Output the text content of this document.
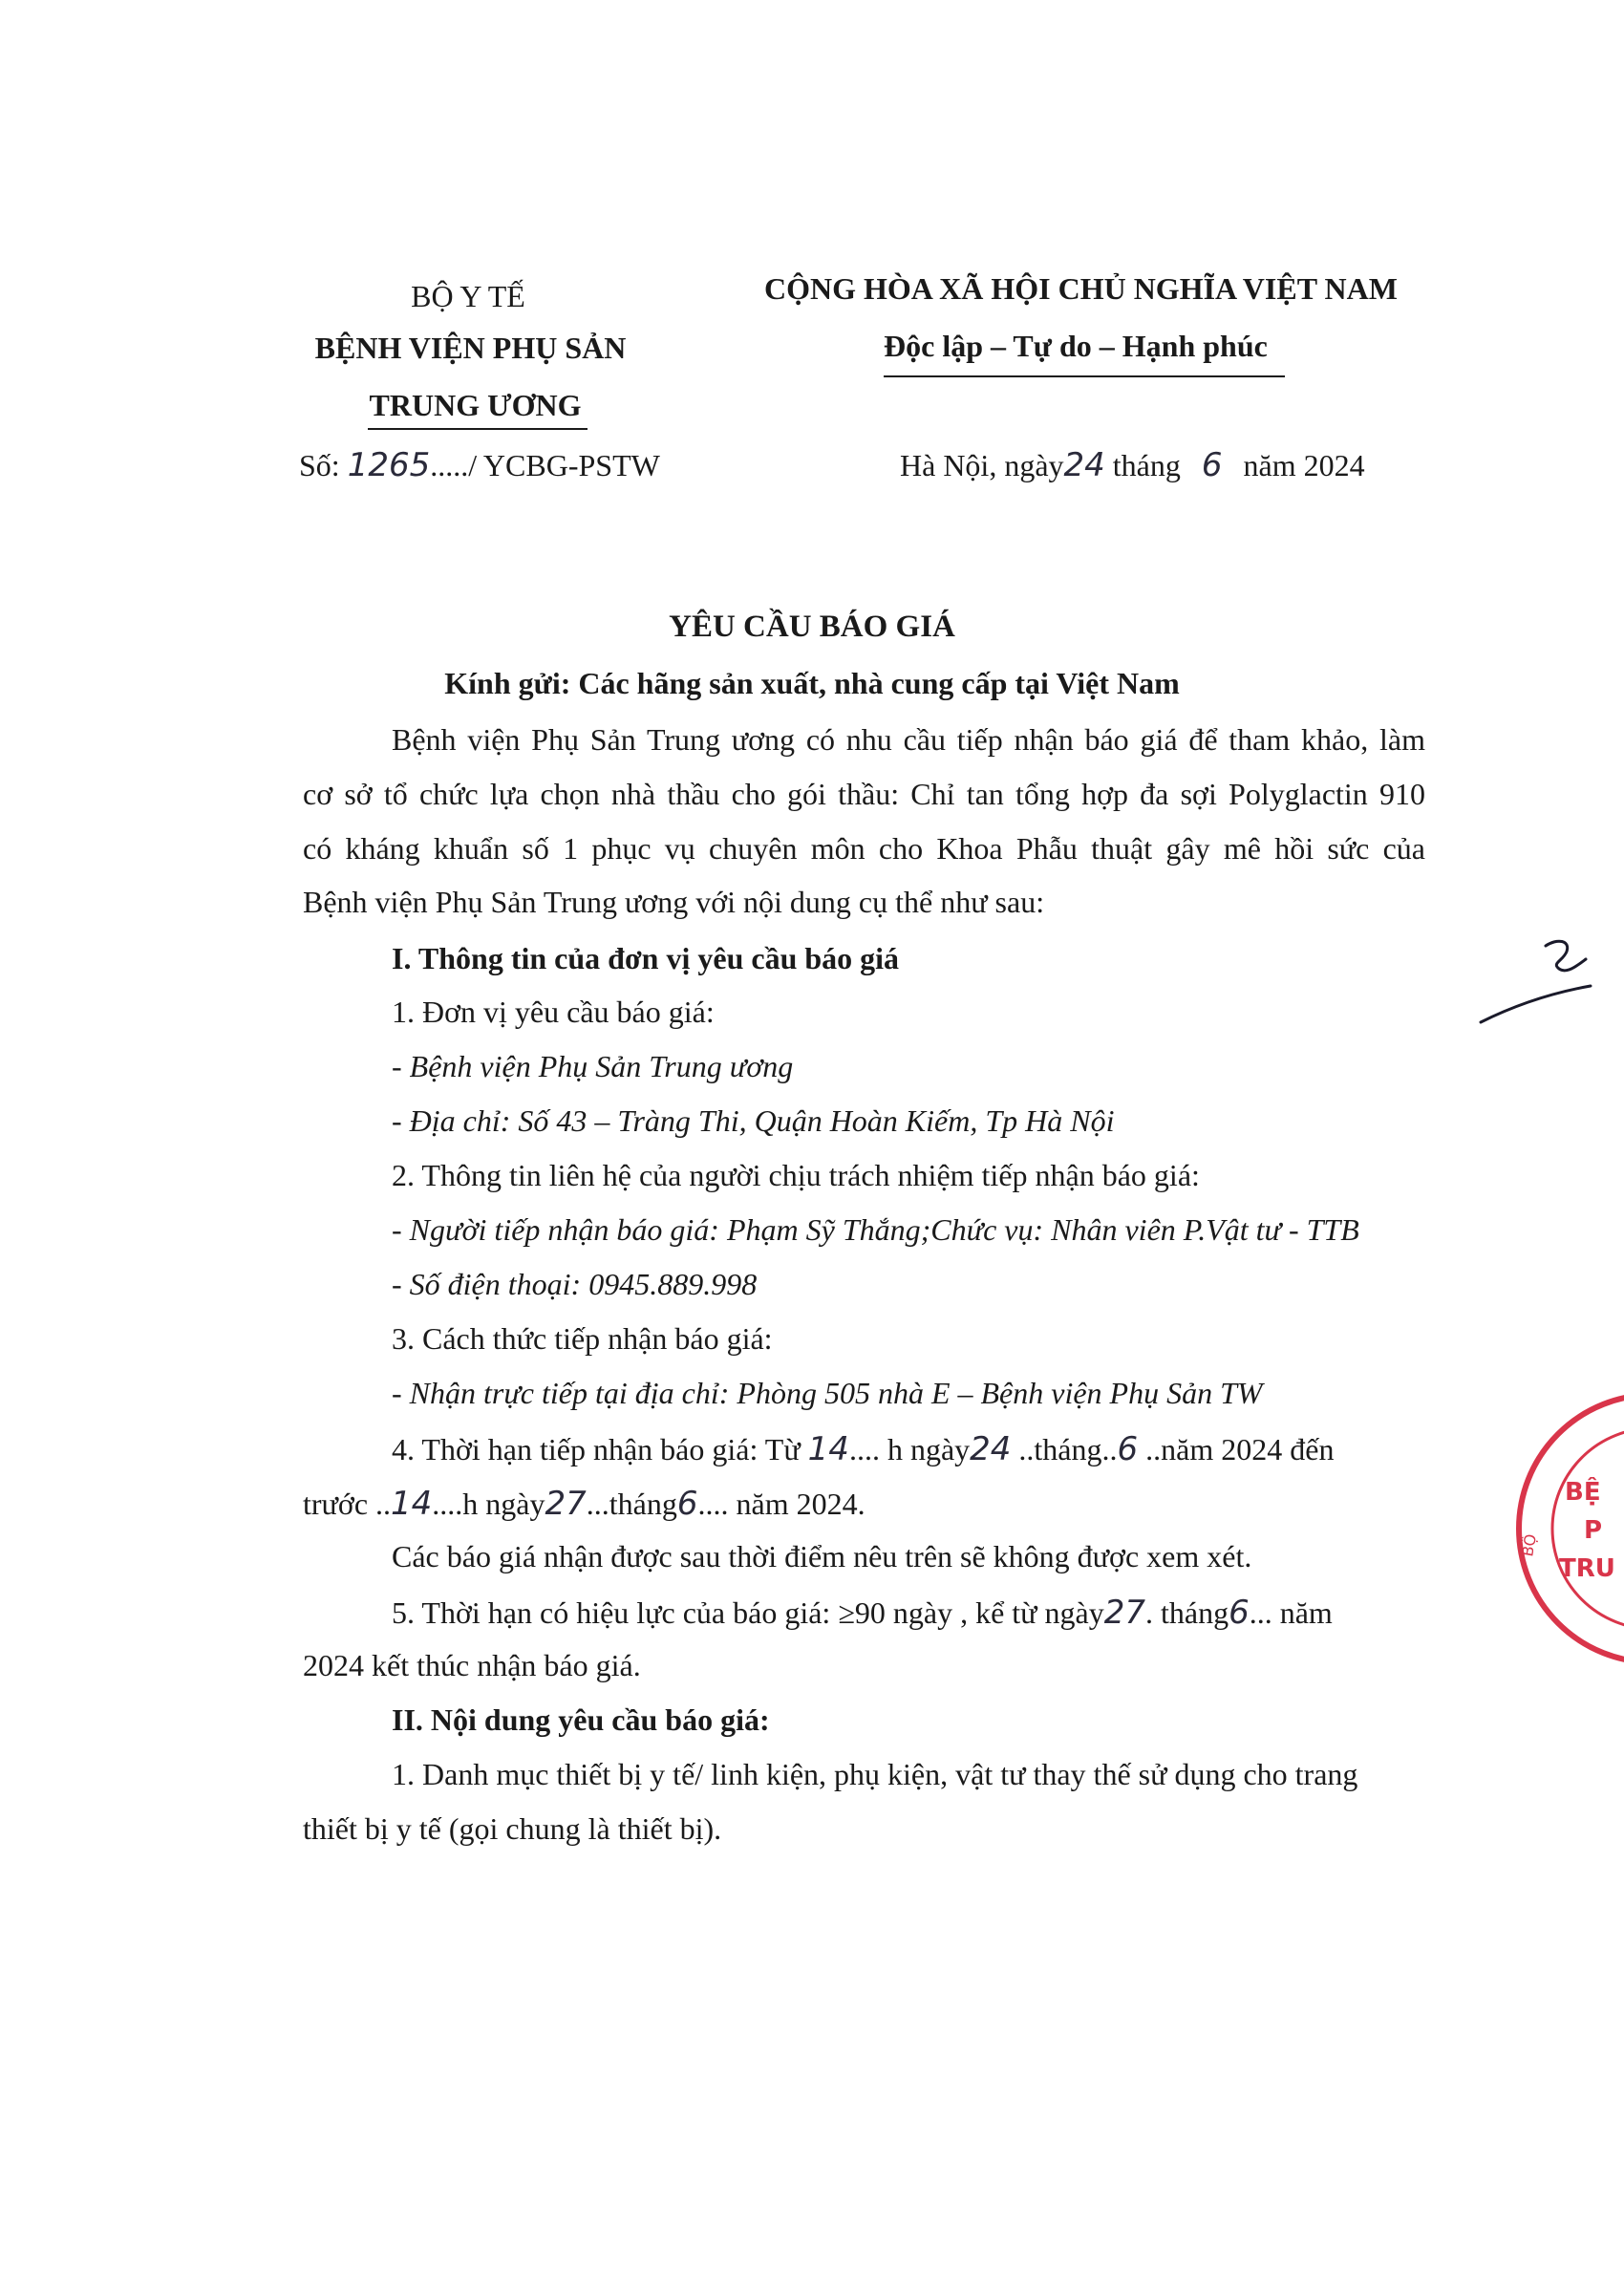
BỘ Y TẾ
BỆNH VIỆN PHỤ SẢN
TRUNG ƯƠNG
Số: 1265...../ YCBG-PSTW
CỘNG HÒA XÃ HỘI CHỦ NGHĨA VIỆT NAM
Độc lập – Tự do – Hạnh phúc
Hà Nội, ngày24 tháng 6 năm 2024
YÊU CẦU BÁO GIÁ
Kính gửi: Các hãng sản xuất, nhà cung cấp tại Việt Nam
Bệnh viện Phụ Sản Trung ương có nhu cầu tiếp nhận báo giá để tham khảo, làm
cơ sở tổ chức lựa chọn nhà thầu cho gói thầu: Chỉ tan tổng hợp đa sợi Polyglactin 910
có kháng khuẩn số 1 phục vụ chuyên môn cho Khoa Phẫu thuật gây mê hồi sức của
Bệnh viện Phụ Sản Trung ương với nội dung cụ thể như sau:
I. Thông tin của đơn vị yêu cầu báo giá
1. Đơn vị yêu cầu báo giá:
- Bệnh viện Phụ Sản Trung ương
- Địa chỉ: Số 43 – Tràng Thi, Quận Hoàn Kiếm, Tp Hà Nội
2. Thông tin liên hệ của người chịu trách nhiệm tiếp nhận báo giá:
- Người tiếp nhận báo giá: Phạm Sỹ Thắng;Chức vụ: Nhân viên P.Vật tư - TTB
- Số điện thoại: 0945.889.998
3. Cách thức tiếp nhận báo giá:
- Nhận trực tiếp tại địa chỉ: Phòng 505 nhà E – Bệnh viện Phụ Sản TW
4. Thời hạn tiếp nhận báo giá: Từ 14.... h ngày24 ..tháng..6 ..năm 2024 đến
trước ..14....h ngày27...tháng6.... năm 2024.
Các báo giá nhận được sau thời điểm nêu trên sẽ không được xem xét.
5. Thời hạn có hiệu lực của báo giá: ≥90 ngày , kể từ ngày27. tháng6... năm
2024 kết thúc nhận báo giá.
II. Nội dung yêu cầu báo giá:
1. Danh mục thiết bị y tế/ linh kiện, phụ kiện, vật tư thay thế sử dụng cho trang
thiết bị y tế (gọi chung là thiết bị).
BỆ
P
TRU
BỘ
